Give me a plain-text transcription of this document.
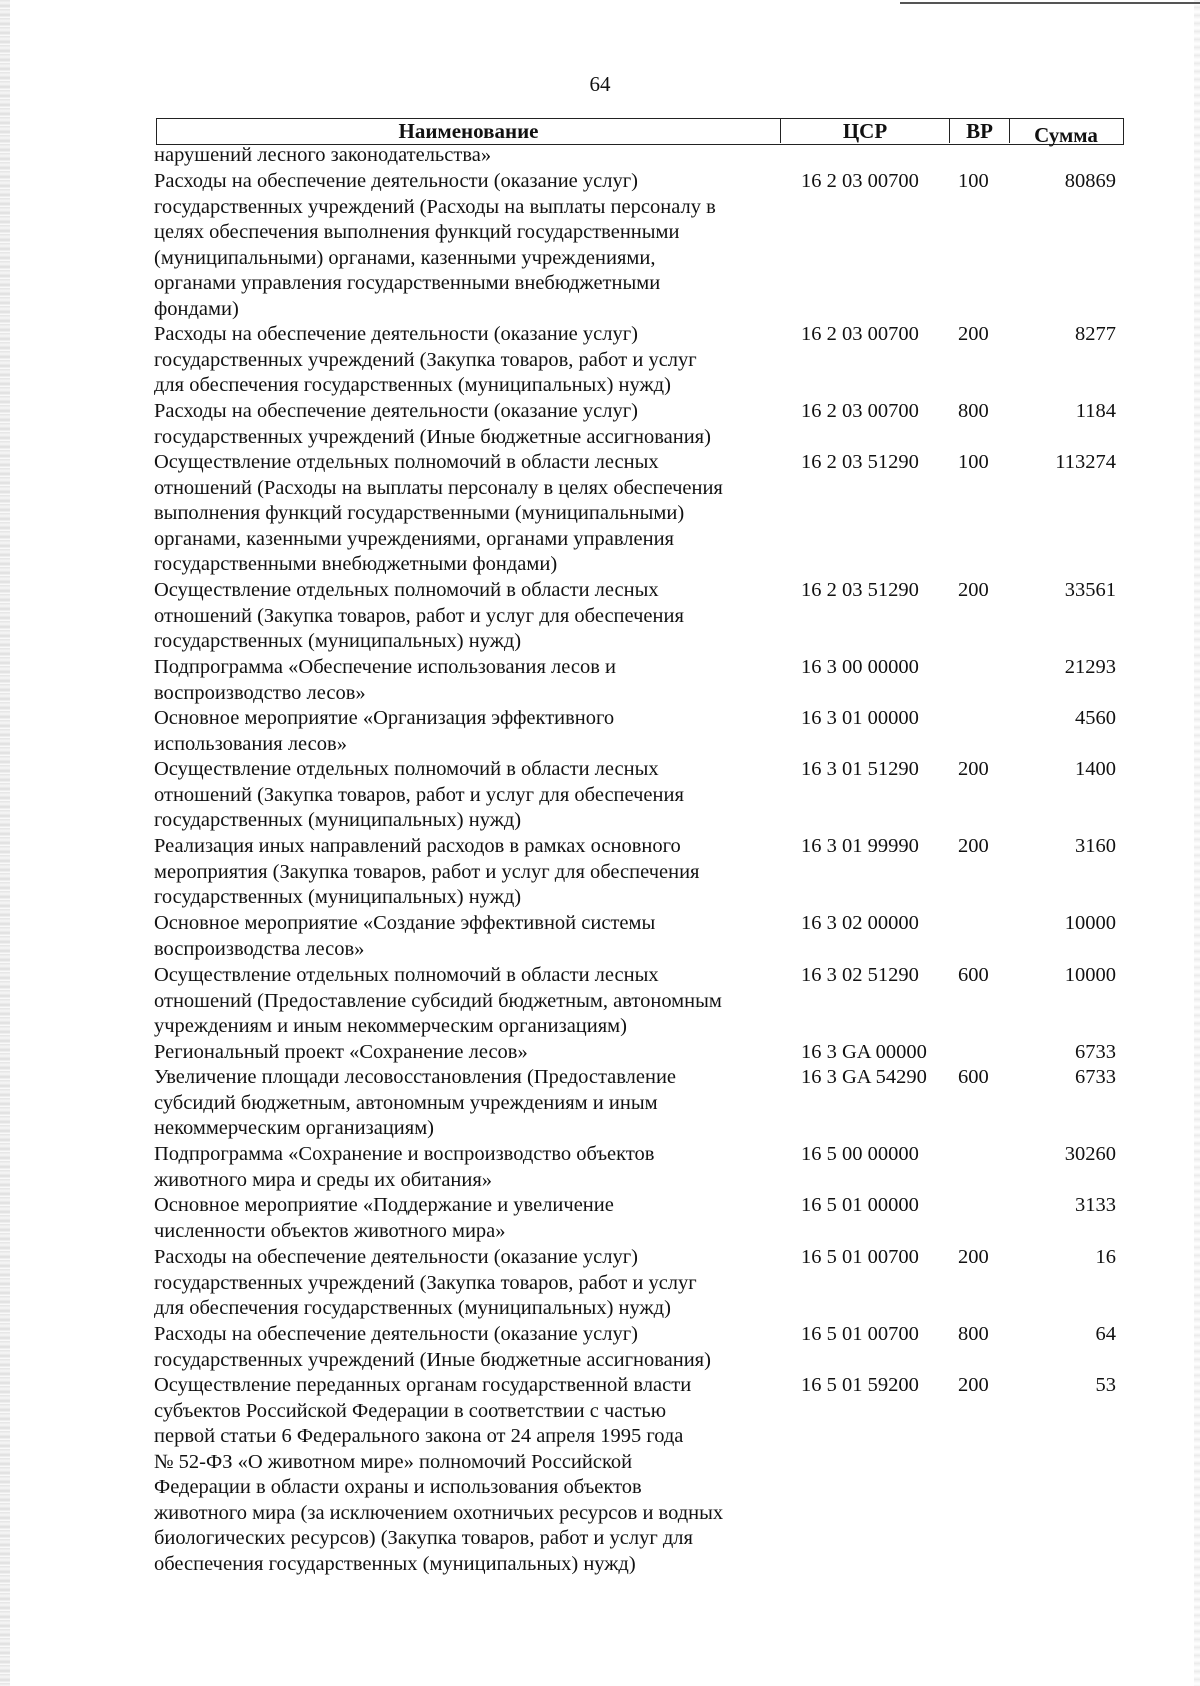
64
Наименование	ЦСР	ВР	Сумма
нарушений лесного законодательства»
Расходы на обеспечение деятельности (оказание услуг)
государственных учреждений (Расходы на выплаты персоналу в
целях обеспечения выполнения функций государственными
(муниципальными) органами, казенными учреждениями,
органами управления государственными внебюджетными
фондами)
16 2 03 00700 100	80869
Расходы на обеспечение деятельности (оказание услуг)
государственных учреждений (Закупка товаров, работ и услуг
для обеспечения государственных (муниципальных) нужд)
16 2 03 00700 200	8277
Расходы на обеспечение деятельности (оказание услуг)
государственных учреждений (Иные бюджетные ассигнования)
16 2 03 00700 800	1184
Осуществление отдельных полномочий в области лесных
отношений (Расходы на выплаты персоналу в целях обеспечения
выполнения функций государственными (муниципальными)
органами, казенными учреждениями, органами управления
государственными внебюджетными фондами)
16 2 03 51290 100	113274
Осуществление отдельных полномочий в области лесных
отношений (Закупка товаров, работ и услуг для обеспечения
государственных (муниципальных) нужд)
16 2 03 51290 200	33561
Подпрограмма «Обеспечение использования лесов и
воспроизводство лесов»
16 3 00 00000	21293
Основное мероприятие «Организация эффективного
использования лесов»
16 3 01 00000	4560
Осуществление отдельных полномочий в области лесных
отношений (Закупка товаров, работ и услуг для обеспечения
государственных (муниципальных) нужд)
16 3 01 51290 200	1400
Реализация иных направлений расходов в рамках основного
мероприятия (Закупка товаров, работ и услуг для обеспечения
государственных (муниципальных) нужд)
16 3 01 99990 200	3160
Основное мероприятие «Создание эффективной системы
воспроизводства лесов»
16 3 02 00000	10000
Осуществление отдельных полномочий в области лесных
отношений (Предоставление субсидий бюджетным, автономным
учреждениям и иным некоммерческим организациям)
16 3 02 51290 600	10000
Региональный проект «Сохранение лесов»	16 3 GA 00000	6733
Увеличение площади лесовосстановления (Предоставление
субсидий бюджетным, автономным учреждениям и иным
некоммерческим организациям)
16 3 GA 54290 600	6733
Подпрограмма «Сохранение и воспроизводство объектов
животного мира и среды их обитания»
16 5 00 00000	30260
Основное мероприятие «Поддержание и увеличение
численности объектов животного мира»
16 5 01 00000	3133
Расходы на обеспечение деятельности (оказание услуг)
государственных учреждений (Закупка товаров, работ и услуг
для обеспечения государственных (муниципальных) нужд)
16 5 01 00700 200	16
Расходы на обеспечение деятельности (оказание услуг)
государственных учреждений (Иные бюджетные ассигнования)
16 5 01 00700 800	64
Осуществление переданных органам государственной власти
субъектов Российской Федерации в соответствии с частью
первой статьи 6 Федерального закона от 24 апреля 1995 года
№ 52-ФЗ «О животном мире» полномочий Российской
Федерации в области охраны и использования объектов
животного мира (за исключением охотничьих ресурсов и водных
биологических ресурсов) (Закупка товаров, работ и услуг для
обеспечения государственных (муниципальных) нужд)
16 5 01 59200 200	53
